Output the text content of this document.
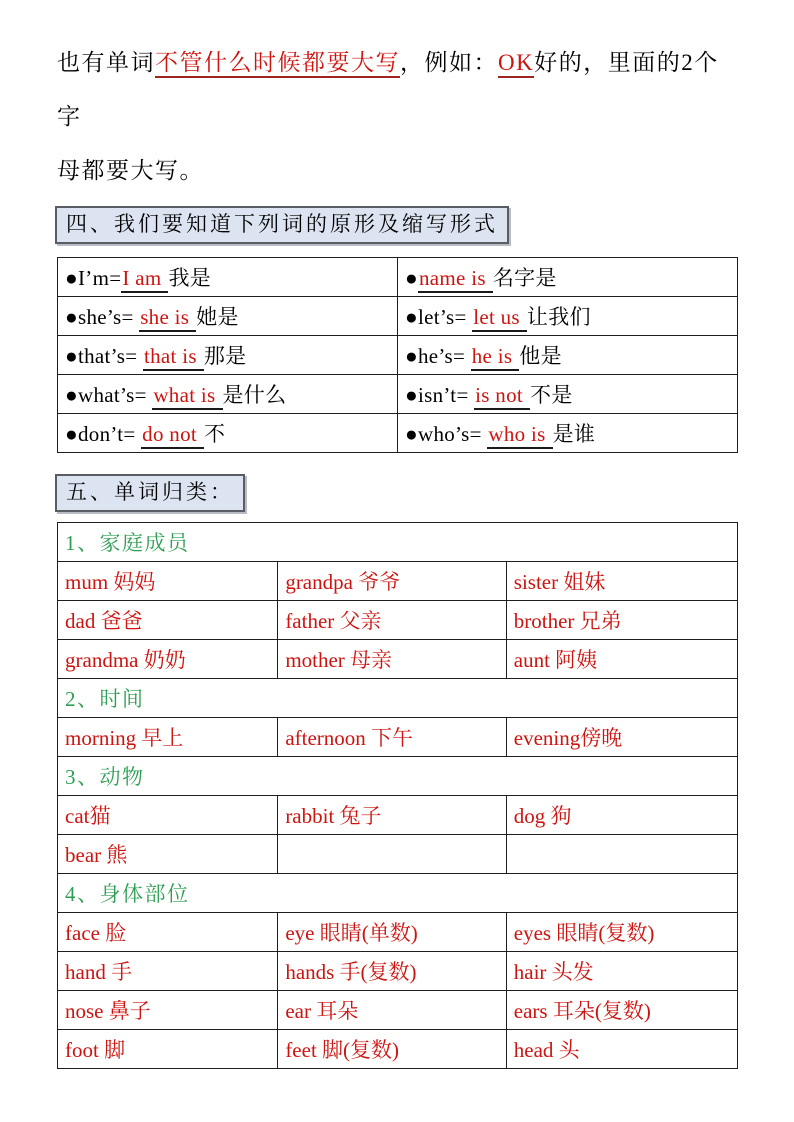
也有单词不管什么时候都要大写，例如：OK好的，里面的2个字
母都要大写。

四、我们要知道下列词的原形及缩写形式
●I’m=I am 我是	●name is 名字是
●she’s= she is 她是	●let’s= let us 让我们
●that’s= that is 那是	●he’s= he is 他是
●what’s= what is 是什么	●isn’t= is not 不是
●don’t= do not 不	●who’s= who is 是谁
五、单词归类：
1、家庭成员		
mum 妈妈	grandpa 爷爷	sister 姐妹
dad 爸爸	father 父亲	brother 兄弟
grandma 奶奶	mother 母亲	aunt 阿姨
2、时间		
morning 早上	afternoon 下午	evening傍晚
3、动物		
cat猫	rabbit 兔子	dog 狗
bear 熊		
4、身体部位		
face 脸	eye 眼睛(单数)	eyes 眼睛(复数)
hand 手	hands 手(复数)	hair 头发
nose 鼻子	ear 耳朵	ears 耳朵(复数)
foot 脚	feet 脚(复数)	head 头
